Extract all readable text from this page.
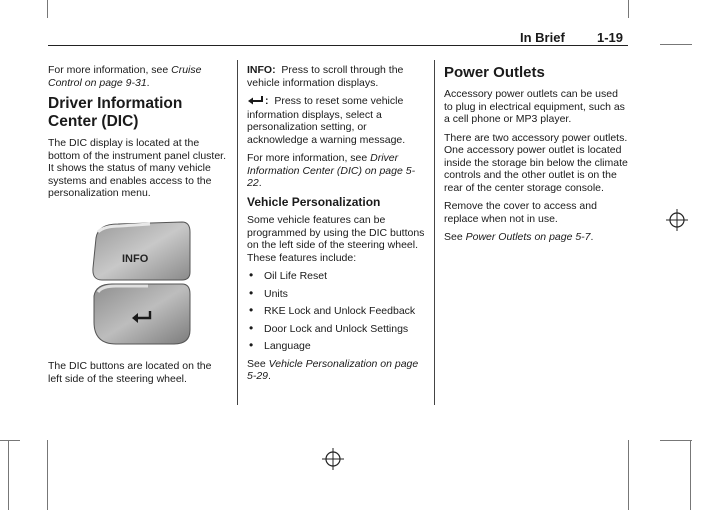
In Brief 1-19

For more information, see Cruise Control on page 9-31.

Driver Information Center (DIC)

The DIC display is located at the bottom of the instrument panel cluster. It shows the status of many vehicle systems and enables access to the personalization menu.

INFO

The DIC buttons are located on the left side of the steering wheel.

INFO: Press to scroll through the vehicle information displays.

: Press to reset some vehicle information displays, select a personalization setting, or acknowledge a warning message.

For more information, see Driver Information Center (DIC) on page 5-22.

Vehicle Personalization

Some vehicle features can be programmed by using the DIC buttons on the left side of the steering wheel. These features include:

• Oil Life Reset
• Units
• RKE Lock and Unlock Feedback
• Door Lock and Unlock Settings
• Language

See Vehicle Personalization on page 5-29.

Power Outlets

Accessory power outlets can be used to plug in electrical equipment, such as a cell phone or MP3 player.

There are two accessory power outlets. One accessory power outlet is located inside the storage bin below the climate controls and the other outlet is on the rear of the center storage console.

Remove the cover to access and replace when not in use.

See Power Outlets on page 5-7.
